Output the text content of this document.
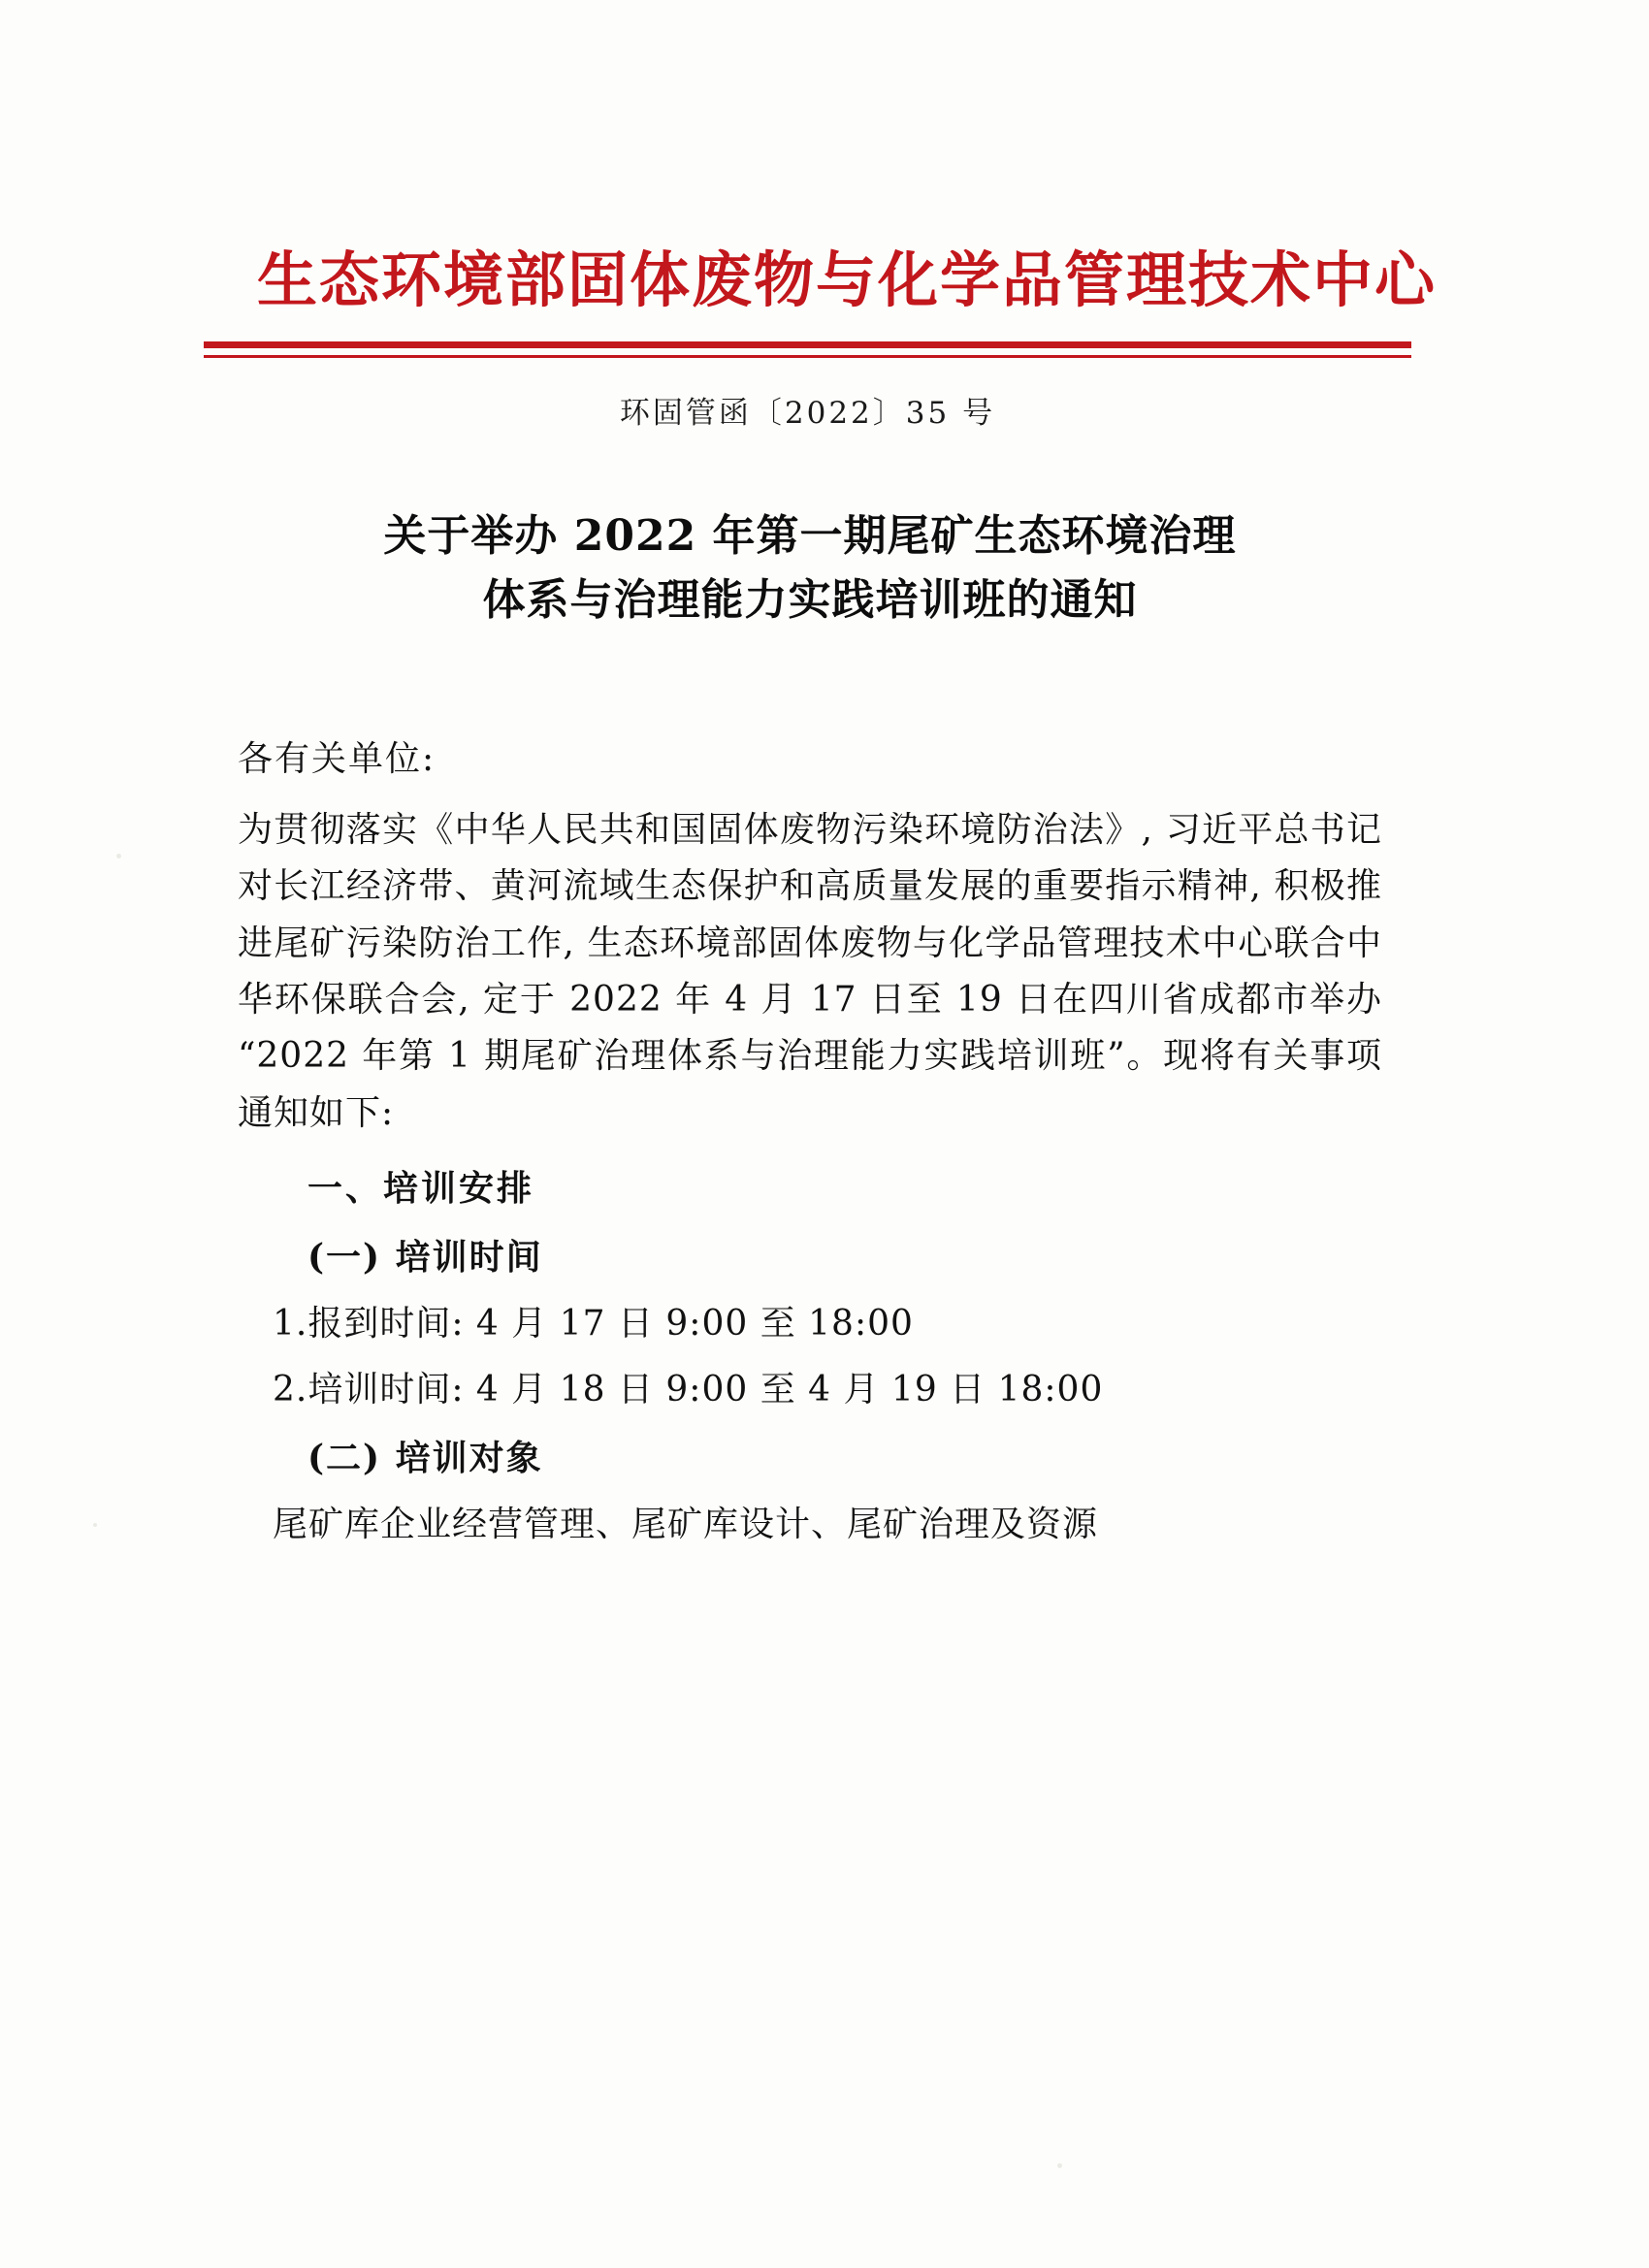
生态环境部固体废物与化学品管理技术中心
环固管函〔2022〕35 号
关于举办 2022 年第一期尾矿生态环境治理
体系与治理能力实践培训班的通知
各有关单位:

为贯彻落实《中华人民共和国固体废物污染环境防治法》, 习近平总书记对长江经济带、黄河流域生态保护和高质量发展的重要指示精神, 积极推进尾矿污染防治工作, 生态环境部固体废物与化学品管理技术中心联合中华环保联合会, 定于 2022 年 4 月 17 日至 19 日在四川省成都市举办 “2022 年第 1 期尾矿治理体系与治理能力实践培训班”。现将有关事项通知如下:

一、培训安排
(一) 培训时间
1.报到时间: 4 月 17 日 9:00 至 18:00
2.培训时间: 4 月 18 日 9:00 至 4 月 19 日 18:00
(二) 培训对象
尾矿库企业经营管理、尾矿库设计、尾矿治理及资源
